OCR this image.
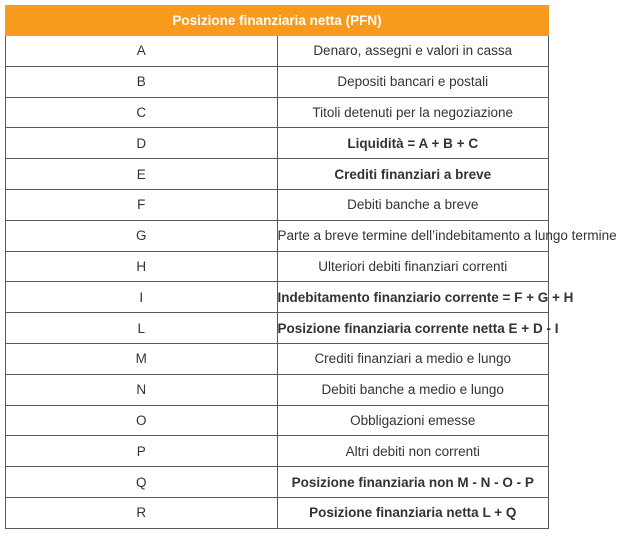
Posizione finanziaria netta (PFN)	
A	Denaro, assegni e valori in cassa
B	Depositi bancari e postali
C	Titoli detenuti per la negoziazione
D	Liquidità = A + B + C
E	Crediti finanziari a breve
F	Debiti banche a breve
G	Parte a breve termine dell’indebitamento a lungo termine
H	Ulteriori debiti finanziari correnti
I	Indebitamento finanziario corrente = F + G + H
L	Posizione finanziaria corrente netta E + D - I
M	Crediti finanziari a medio e lungo
N	Debiti banche a medio e lungo
O	Obbligazioni emesse
P	Altri debiti non correnti
Q	Posizione finanziaria non M - N - O - P
R	Posizione finanziaria netta L + Q
